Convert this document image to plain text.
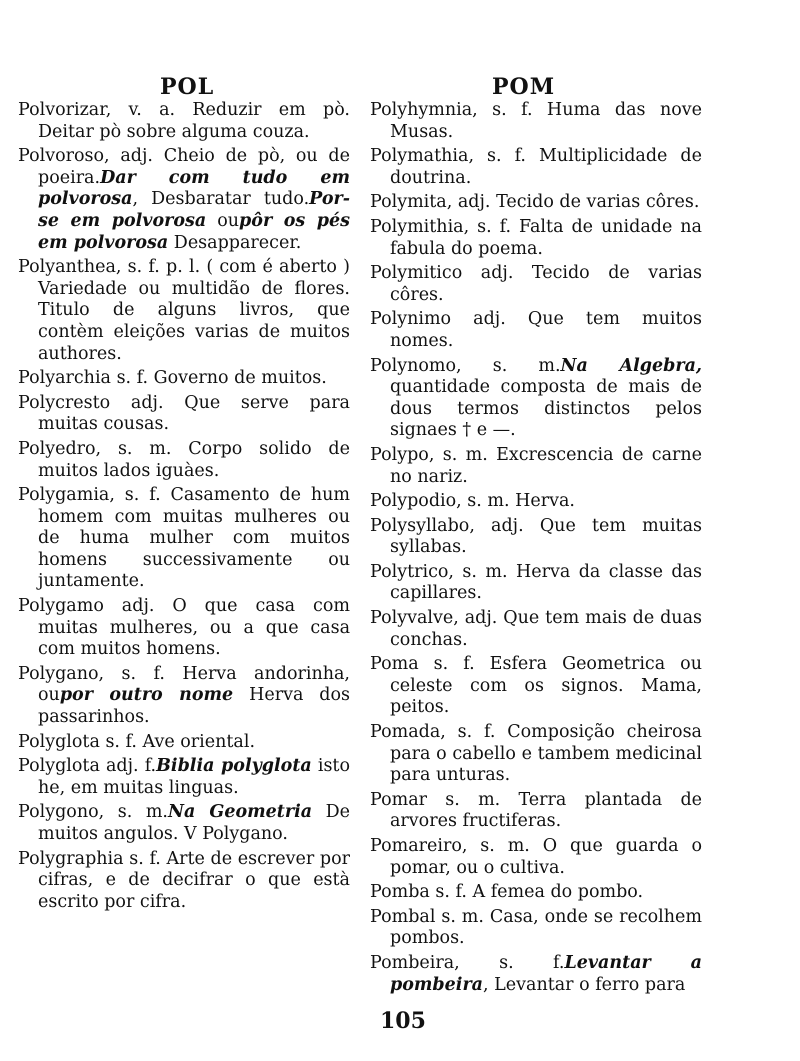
POL	POM
Polvorizar, v. a. Reduzir em pò. Deitar pò sobre alguma couza.
Polvoroso, adj. Cheio de pò, ou de poeira.Dar com tudo em polvorosa, Desbaratar tudo.Por-se em polvorosa oupôr os pés em polvorosa Desapparecer.
Polyanthea, s. f. p. l. ( com é aberto ) Variedade ou multidão de flores. Titulo de alguns livros, que contèm eleições varias de muitos authores.
Polyarchia s. f. Governo de muitos.
Polycresto adj. Que serve para muitas cousas.
Polyedro, s. m. Corpo solido de muitos lados iguàes.
Polygamia, s. f. Casamento de hum homem com muitas mulheres ou de huma mulher com muitos homens successivamente ou juntamente.
Polygamo adj. O que casa com muitas mulheres, ou a que casa com muitos homens.
Polygano, s. f. Herva andorinha, oupor outro nome Herva dos passarinhos.
Polyglota s. f. Ave oriental.
Polyglota adj. f.Biblia polyglota isto he, em muitas linguas.
Polygono, s. m.Na Geometria De muitos angulos. V Polygano.
Polygraphia s. f. Arte de escrever por cifras, e de decifrar o que està escrito por cifra.
Polyhymnia, s. f. Huma das nove Musas.
Polymathia, s. f. Multiplicidade de doutrina.
Polymita, adj. Tecido de varias côres.
Polymithia, s. f. Falta de unidade na fabula do poema.
Polymitico adj. Tecido de varias côres.
Polynimo adj. Que tem muitos nomes.
Polynomo, s. m.Na Algebra, quantidade composta de mais de dous termos distinctos pelos signaes † e —.
Polypo, s. m. Excrescencia de carne no nariz.
Polypodio, s. m. Herva.
Polysyllabo, adj. Que tem muitas syllabas.
Polytrico, s. m. Herva da classe das capillares.
Polyvalve, adj. Que tem mais de duas conchas.
Poma s. f. Esfera Geometrica ou celeste com os signos. Mama, peitos.
Pomada, s. f. Composição cheirosa para o cabello e tambem medicinal para unturas.
Pomar s. m. Terra plantada de arvores fructiferas.
Pomareiro, s. m. O que guarda o pomar, ou o cultiva.
Pomba s. f. A femea do pombo.
Pombal s. m. Casa, onde se recolhem pombos.
Pombeira, s. f.Levantar a pombeira, Levantar o ferro para
105
